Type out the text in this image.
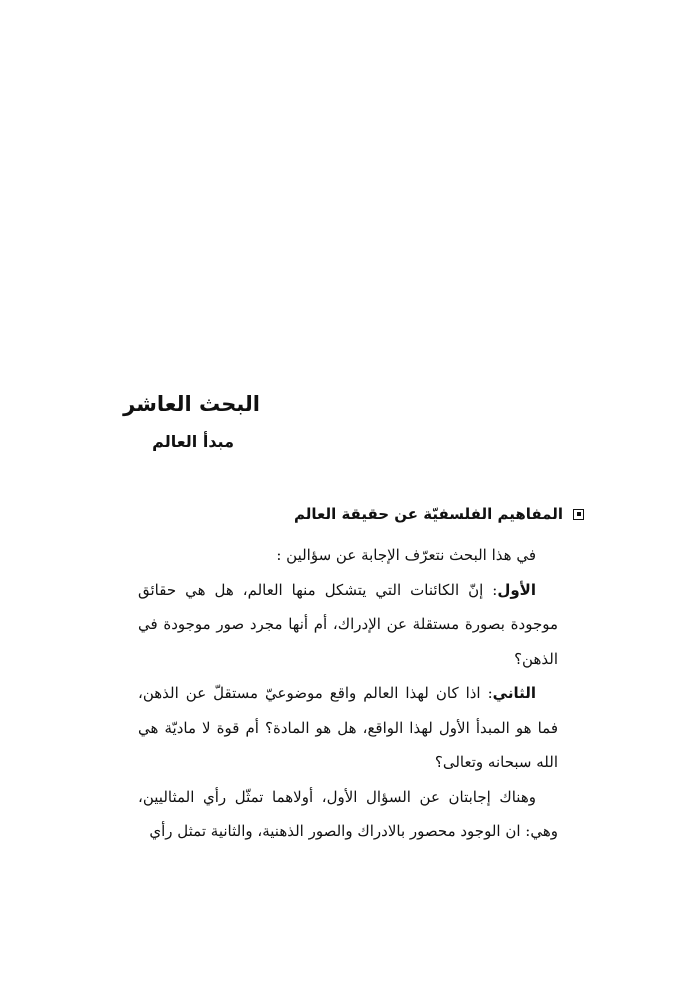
البحث العاشر
مبدأ العالم
المفاهيم الفلسفيّة عن حقيقة العالم

في هذا البحث نتعرّف الإجابة عن سؤالين :

الأول: إنّ الكائنات التي يتشكل منها العالم، هل هي حقائق موجودة بصورة مستقلة عن الإدراك، أم أنها مجرد صور موجودة في الذهن؟

الثاني: اذا كان لهذا العالم واقع موضوعيّ مستقلّ عن الذهن، فما هو المبدأ الأول لهذا الواقع، هل هو المادة؟ أم قوة لا ماديّة هي الله سبحانه وتعالى؟

وهناك إجابتان عن السؤال الأول، أولاهما تمثّل رأي المثاليين، وهي: ان الوجود محصور بالادراك والصور الذهنية، والثانية تمثل رأي
